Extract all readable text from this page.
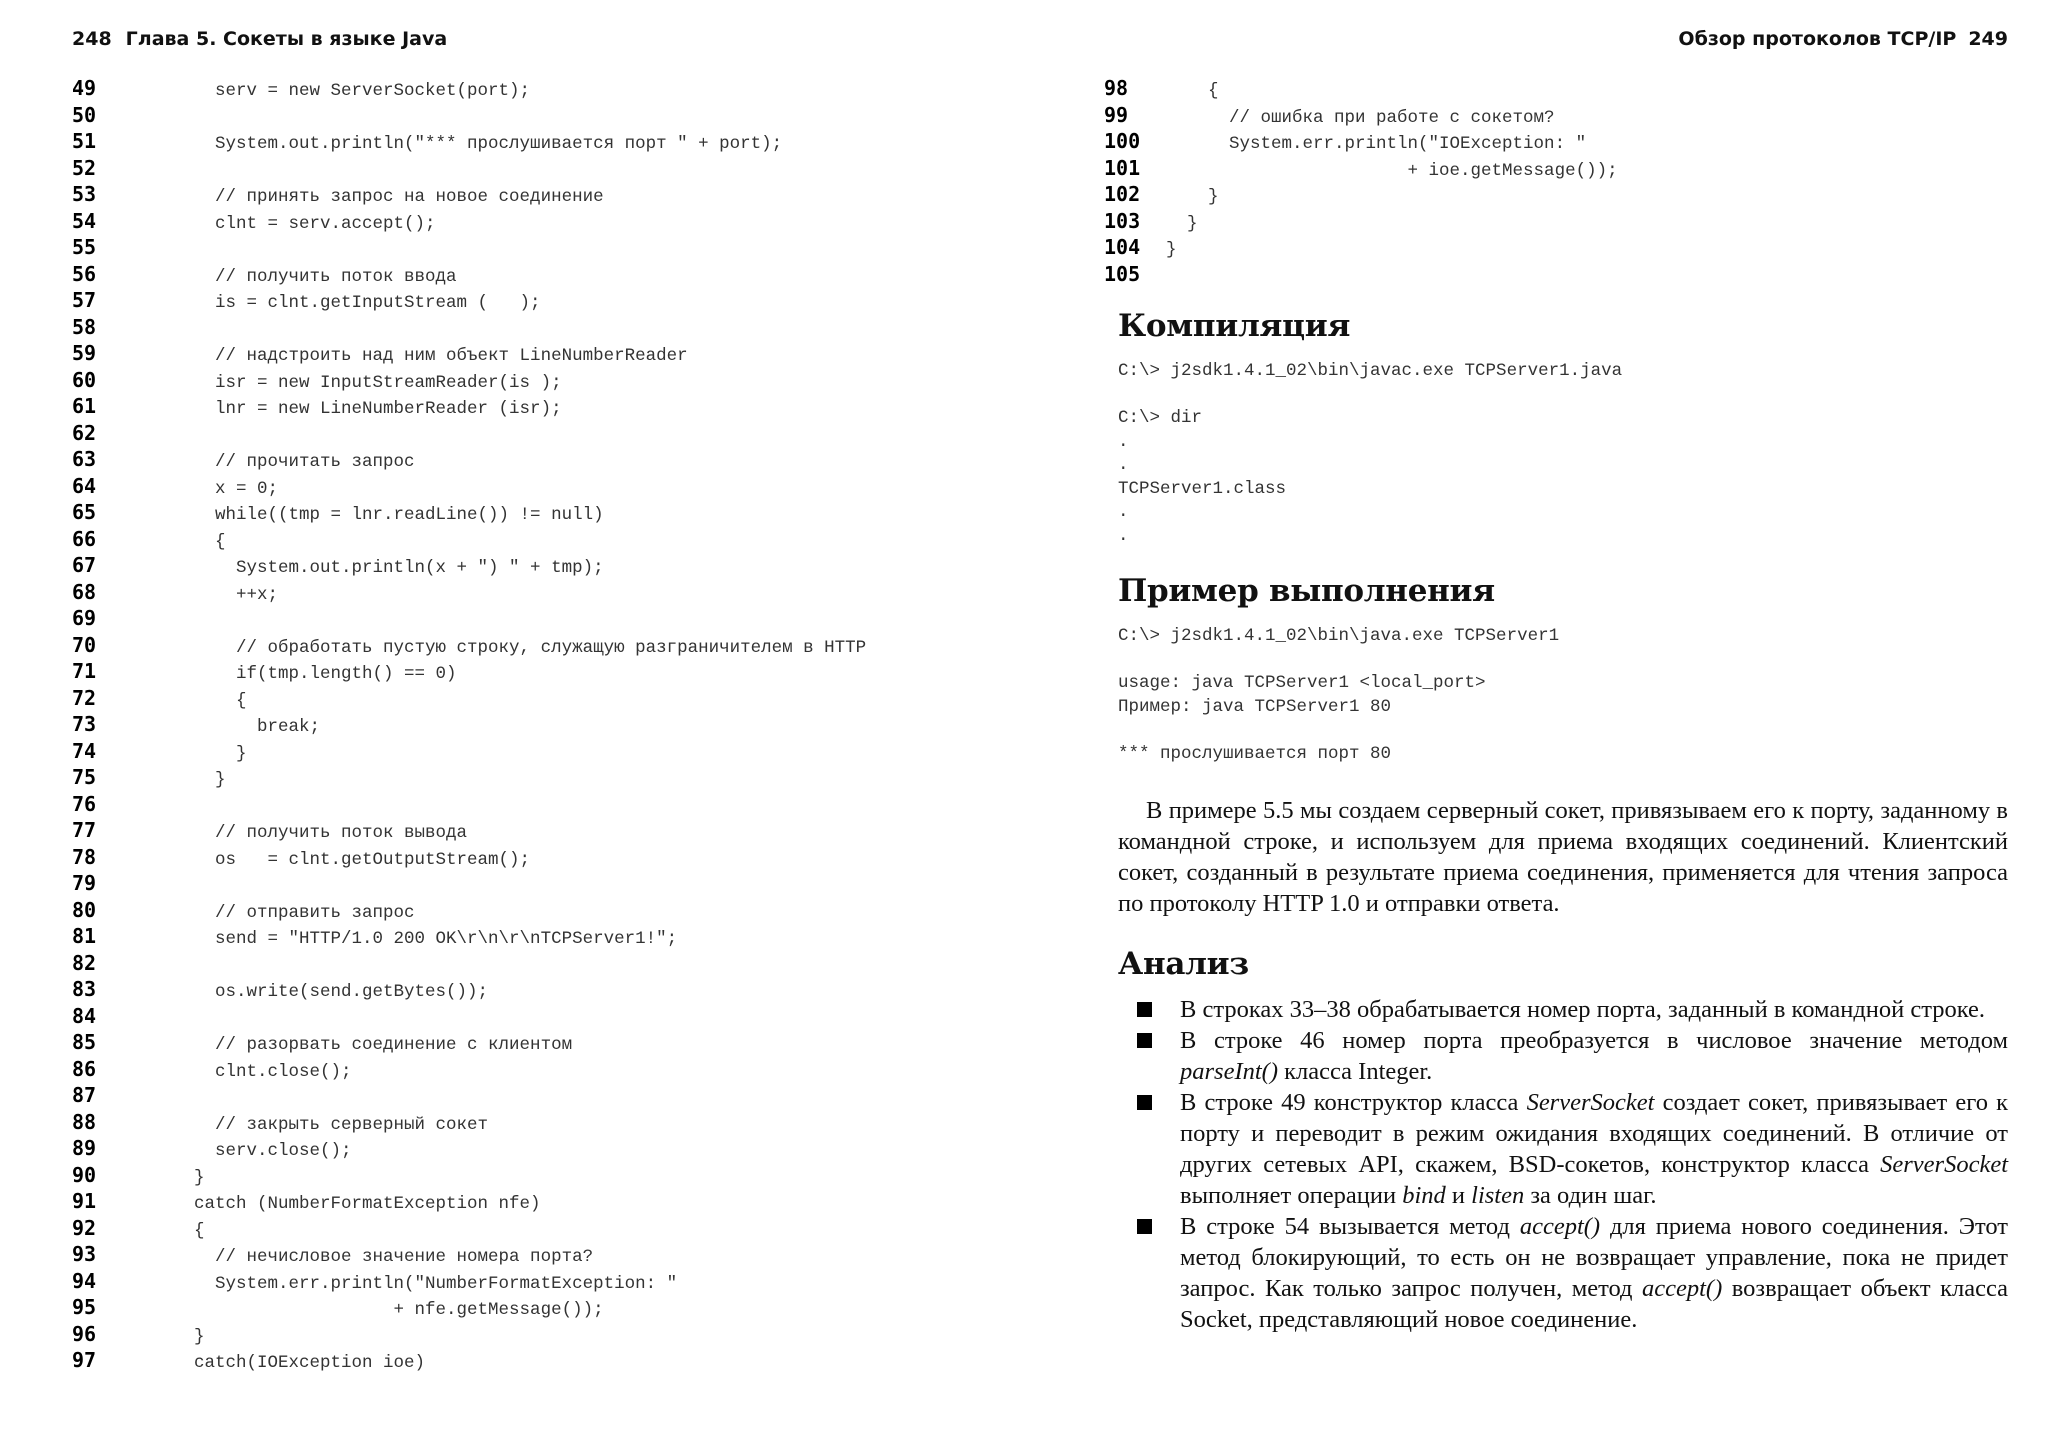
248 Глава 5. Сокеты в языке Java
49	serv = new ServerSocket(port);
50
51	System.out.println("*** прослушивается порт " + port);
52
53	// принять запрос на новое соединение
54	clnt = serv.accept();
55
56	// получить поток ввода
57	is = clnt.getInputStream (   );
58
59	// надстроить над ним объект LineNumberReader
60	isr = new InputStreamReader(is );
61	lnr = new LineNumberReader (isr);
62
63	// прочитать запрос
64	x = 0;
65	while((tmp = lnr.readLine()) != null)
66	{
67	System.out.println(x + ") " + tmp);
68	++x;
69
70	// обработать пустую строку, служащую разграничителем в HTTP
71	if(tmp.length() == 0)
72	{
73	break;
74	}
75	}
76
77	// получить поток вывода
78	os   = clnt.getOutputStream();
79
80	// отправить запрос
81	send = "HTTP/1.0 200 OK\r\n\r\nTCPServer1!";
82
83	os.write(send.getBytes());
84
85	// разорвать соединение с клиентом
86	clnt.close();
87
88	// закрыть серверный сокет
89	serv.close();
90	}
91	catch (NumberFormatException nfe)
92	{
93	// нечисловое значение номера порта?
94	System.err.println("NumberFormatException: "
95	+ nfe.getMessage());
96	}
97	catch(IOException ioe)
Обзор протоколов TCP/IP 249
98    {
99      // ошибка при работе с сокетом?
100      System.err.println("IOException: "
101                       + ioe.getMessage());
102    }
103  }
104 }
105
Компиляция
C:\> j2sdk1.4.1_02\bin\javac.exe TCPServer1.java
C:\> dir
.
.
TCPServer1.class
.
.
Пример выполнения
C:\> j2sdk1.4.1_02\bin\java.exe TCPServer1
usage: java TCPServer1 <local_port>
Пример: java TCPServer1 80
*** прослушивается порт 80
В примере 5.5 мы создаем серверный сокет, привязываем его к порту, заданному в командной строке, и используем для приема входящих соединений. Клиентский сокет, созданный в результате приема соединения, применяется для чтения запроса по протоколу HTTP 1.0 и отправки ответа.
Анализ
В строках 33–38 обрабатывается номер порта, заданный в командной строке.
В строке 46 номер порта преобразуется в числовое значение методом parseInt() класса Integer.
В строке 49 конструктор класса ServerSocket создает сокет, привязывает его к порту и переводит в режим ожидания входящих соединений. В отличие от других сетевых API, скажем, BSD-сокетов, конструктор класса ServerSocket выполняет операции bind и listen за один шаг.
В строке 54 вызывается метод accept() для приема нового соединения. Этот метод блокирующий, то есть он не возвращает управление, пока не придет запрос. Как только запрос получен, метод accept() возвращает объект класса Socket, представляющий новое соединение.
